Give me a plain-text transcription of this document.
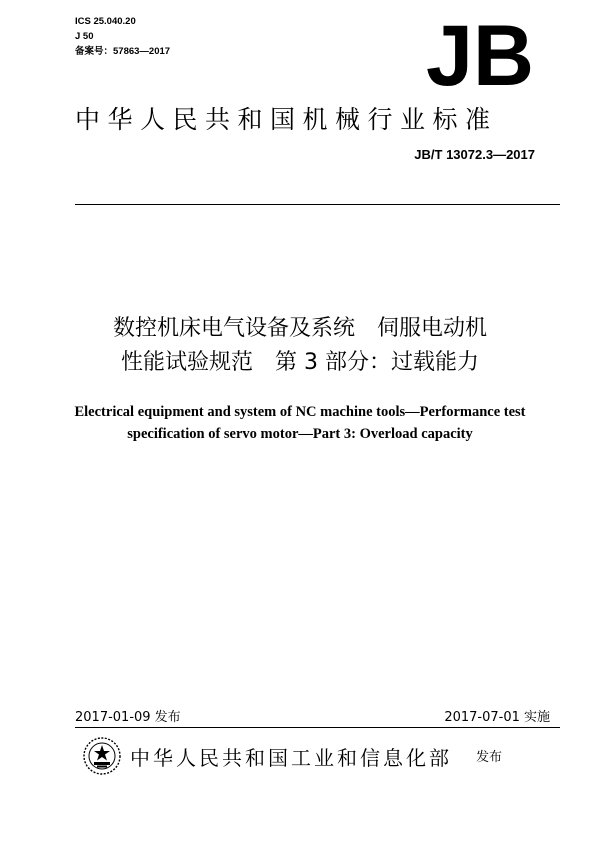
ICS 25.040.20
J 50
备案号：57863—2017	JB
中华人民共和国机械行业标准
JB/T 13072.3—2017
数控机床电气设备及系统　伺服电动机
性能试验规范　第 3 部分：过载能力
Electrical equipment and system of NC machine tools—Performance test
specification of servo motor—Part 3: Overload capacity
2017-01-09 发布	2017-07-01 实施
中华人民共和国工业和信息化部 发布
